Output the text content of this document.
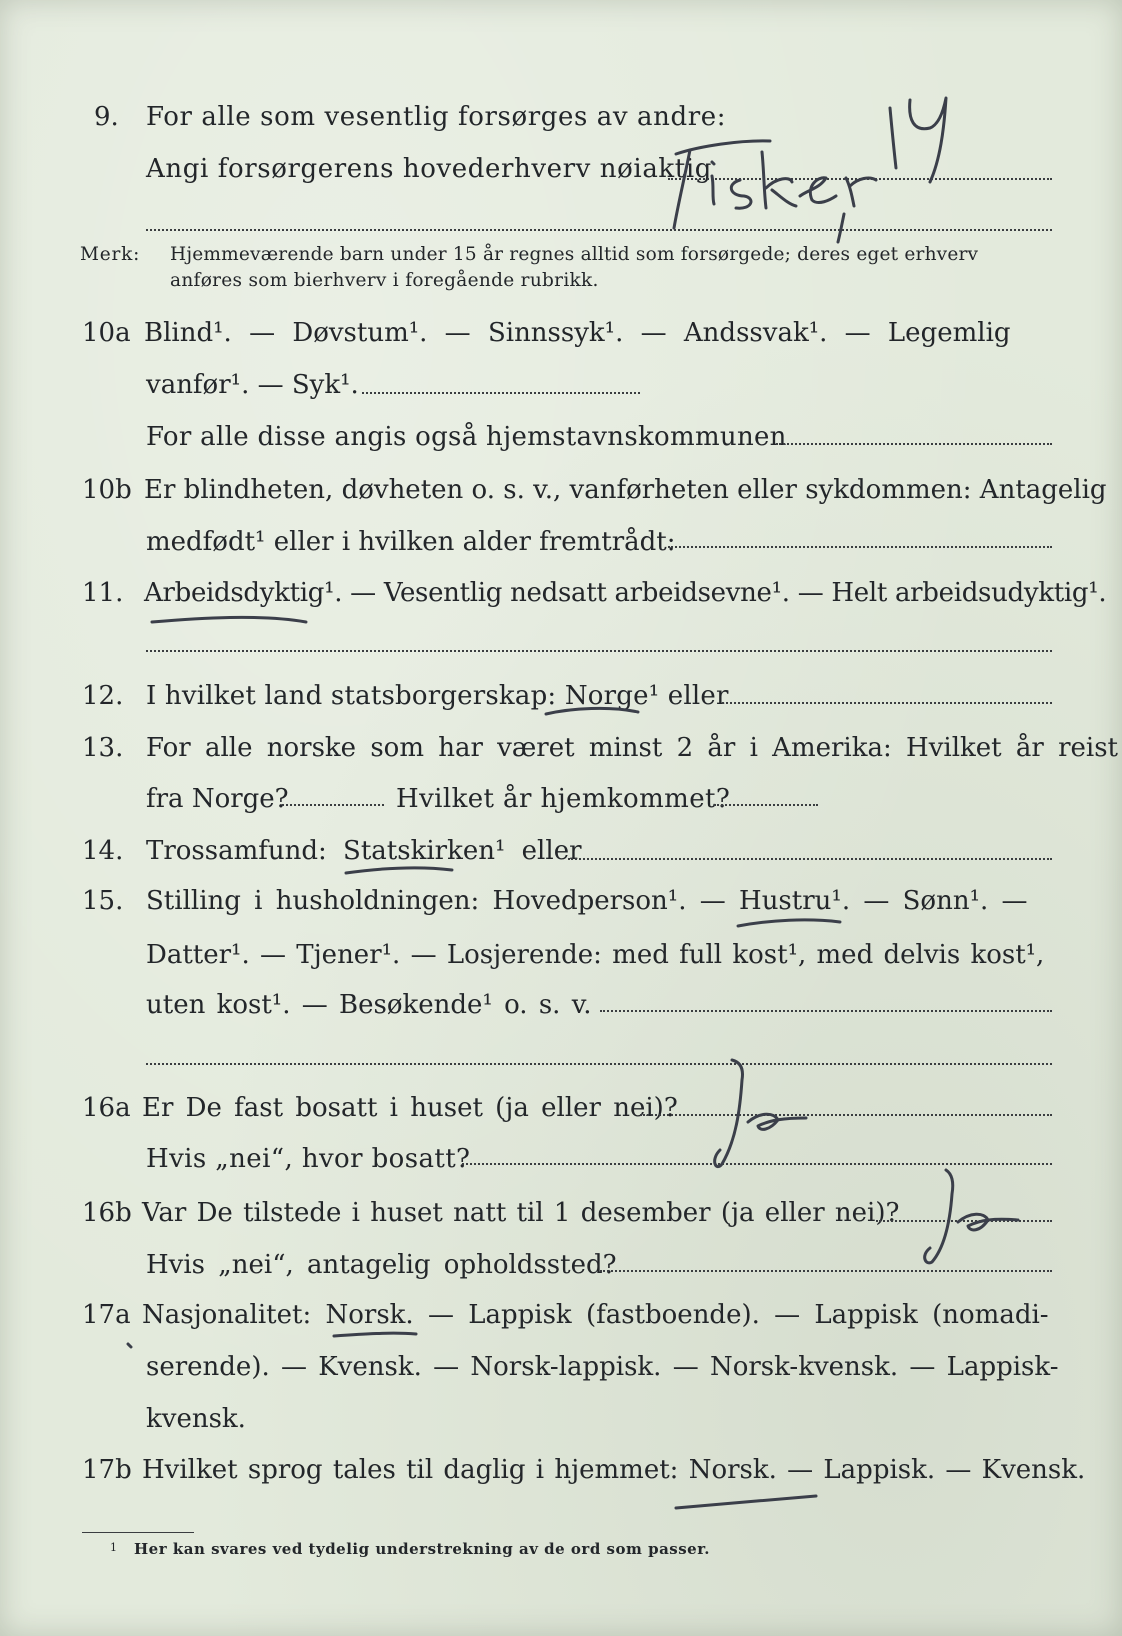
9. For alle som vesentlig forsørges av andre:
Angi forsørgerens hovederhverv nøiaktig
Merk: Hjemmeværende barn under 15 år regnes alltid som forsørgede; deres eget erhverv
anføres som bierhverv i foregående rubrikk.
10a Blind¹. — Døvstum¹. — Sinnssyk¹. — Andssvak¹. — Legemlig
vanfør¹. — Syk¹.
For alle disse angis også hjemstavnskommunen
10b Er blindheten, døvheten o. s. v., vanførheten eller sykdommen: Antagelig
medfødt¹ eller i hvilken alder fremtrådt:
11. Arbeidsdyktig¹. — Vesentlig nedsatt arbeidsevne¹. — Helt arbeidsudyktig¹.
12. I hvilket land statsborgerskap: Norge¹ eller
13. For alle norske som har været minst 2 år i Amerika: Hvilket år reist
fra Norge?	Hvilket år hjemkommet?
14. Trossamfund: Statskirken¹ eller
15. Stilling i husholdningen: Hovedperson¹. — Hustru¹. — Sønn¹. —
Datter¹. — Tjener¹. — Losjerende: med full kost¹, med delvis kost¹,
uten kost¹. — Besøkende¹ o. s. v.
16a Er De fast bosatt i huset (ja eller nei)?
Hvis „nei“, hvor bosatt?
16b Var De tilstede i huset natt til 1 desember (ja eller nei)?
Hvis „nei“, antagelig opholdssted?
17a Nasjonalitet: Norsk. — Lappisk (fastboende). — Lappisk (nomadi-
serende). — Kvensk. — Norsk-lappisk. — Norsk-kvensk. — Lappisk-
kvensk.
17b Hvilket sprog tales til daglig i hjemmet: Norsk. — Lappisk. — Kvensk.
1 Her kan svares ved tydelig understrekning av de ord som passer.
